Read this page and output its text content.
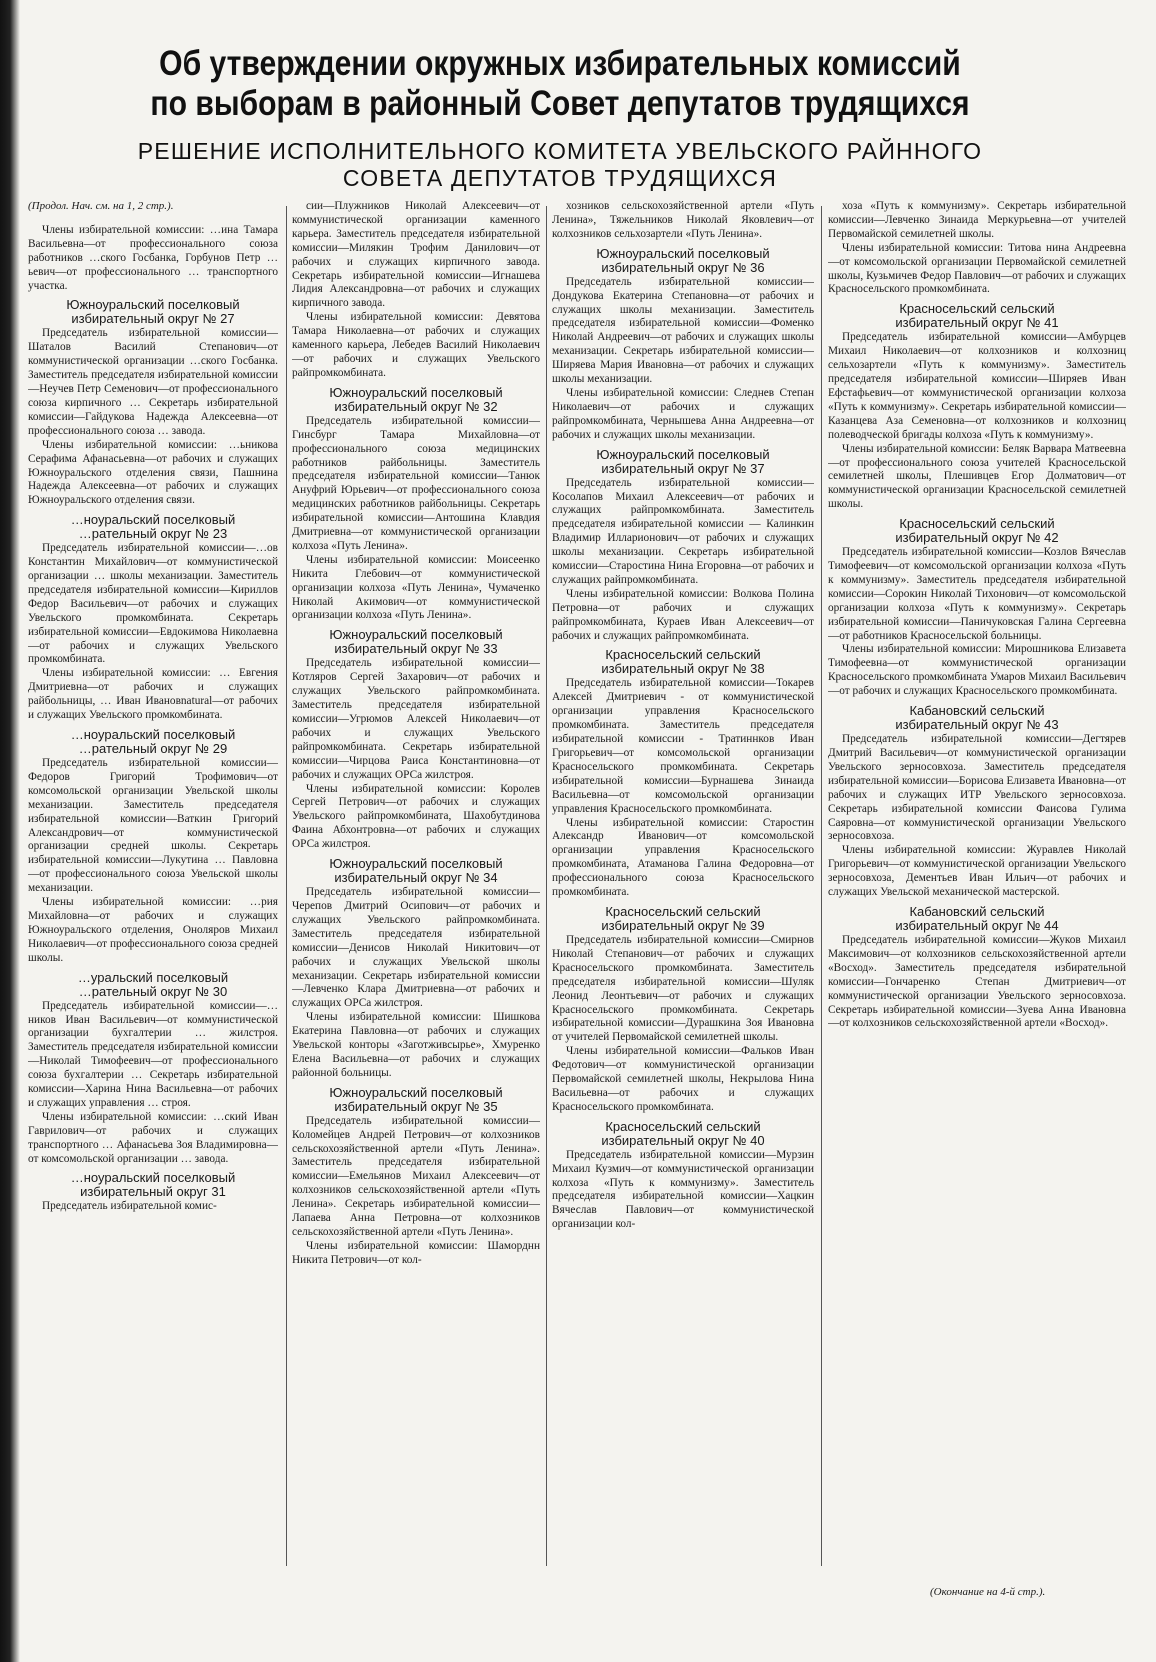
Об утверждении окружных избирательных комиссий
по выборам в районный Совет депутатов трудящихся
РЕШЕНИЕ ИСПОЛНИТЕЛЬНОГО КОМИТЕТА УВЕЛЬСКОГО РАЙННОГО
СОВЕТА ДЕПУТАТОВ ТРУДЯЩИХСЯ

(Продол. Нач. см. на 1, 2 стр.).

Члены избирательной комиссии: …ина Тамара Васильевна—от профессионального союза работников …ского Госбанка, Горбунов Петр …ьевич—от профессионального … транспортного участка.

Южноуральский поселковый
избирательный округ № 27

Председатель избирательной комиссии—Шаталов Василий Степанович—от коммунистической организации …ского Госбанка. Заместитель председателя избирательной комиссии—Неучев Петр Семенович—от профессионального союза кирпичного … Секретарь избирательной комиссии—Гайдукова Надежда Алексеевна—от профессионального союза … завода.

Члены избирательной комиссии: …ьникова Серафима Афанасьевна—от рабочих и служащих Южноуральского отделения связи, Пашнина Надежда Алексеевна—от рабочих и служащих Южноуральского отделения связи.

…ноуральский поселковый
…рательный округ № 23

Председатель избирательной комиссии—…ов Константин Михайлович—от коммунистической организации … школы механизации. Заместитель председателя избирательной комиссии—Кириллов Федор Васильевич—от рабочих и служащих Увельского промкомбината. Секретарь избирательной комиссии—Евдокимова Николаевна—от рабочих и служащих Увельского промкомбината.

Члены избирательной комиссии: … Евгения Дмитриевна—от рабочих и служащих райбольницы, … Иван Ивановnatural—от рабочих и служащих Увельского промкомбината.

…ноуральский поселковый
…рательный округ № 29

Председатель избирательной комиссии—Федоров Григорий Трофимович—от комсомольской организации Увельской школы механизации. Заместитель председателя избирательной комиссии—Ваткин Григорий Александрович—от коммунистической организации средней школы. Секретарь избирательной комиссии—Лукутина … Павловна—от профессионального союза Увельской школы механизации.

Члены избирательной комиссии: …рия Михайловна—от рабочих и служащих Южноуральского отделения, Оноляров Михаил Николаевич—от профессионального союза средней школы.

…уральский поселковый
…рательный округ № 30

Председатель избирательной комиссии—…ников Иван Васильевич—от коммунистической организации бухгалтерии … жилстроя. Заместитель председателя избирательной комиссии—Николай Тимофеевич—от профессионального союза бухгалтерии … Секретарь избирательной комиссии—Харина Нина Васильевна—от рабочих и служащих управления … строя.

Члены избирательной комиссии: …ский Иван Гаврилович—от рабочих и служащих транспортного … Афанасьева Зоя Владимировна—от комсомольской организации … завода.

…ноуральский поселковый
избирательный округ 31

Председатель избирательной комис-

сии—Плужников Николай Алексеевич—от коммунистической организации каменного карьера. Заместитель председателя избирательной комиссии—Милякин Трофим Данилович—от рабочих и служащих кирпичного завода. Секретарь избирательной комиссии—Игнашева Лидия Александровна—от рабочих и служащих кирпичного завода.

Члены избирательной комиссии: Девятова Тамара Николаевна—от рабочих и служащих каменного карьера, Лебедев Василий Николаевич—от рабочих и служащих Увельского райпромкомбината.

Южноуральский поселковый
избирательный округ № 32

Председатель избирательной комиссии—Гинсбург Тамара Михайловна—от профессионального союза медицинских работников райбольницы. Заместитель председателя избирательной комиссии—Танюк Ануфрий Юрьевич—от профессионального союза медицинских работников райбольницы. Секретарь избирательной комиссии—Антошина Клавдия Дмитриевна—от коммунистической организации колхоза «Путь Ленина».

Члены избирательной комиссии: Моисеенко Никита Глебович—от коммунистической организации колхоза «Путь Ленина», Чумаченко Николай Акимович—от коммунистической организации колхоза «Путь Ленина».

Южноуральский поселковый
избирательный округ № 33

Председатель избирательной комиссии—Котляров Сергей Захарович—от рабочих и служащих Увельского райпромкомбината. Заместитель председателя избирательной комиссии—Угрюмов Алексей Николаевич—от рабочих и служащих Увельского райпромкомбината. Секретарь избирательной комиссии—Чирцова Раиса Константиновна—от рабочих и служащих ОРСа жилстроя.

Члены избирательной комиссии: Королев Сергей Петрович—от рабочих и служащих Увельского райпромкомбината, Шахобутдинова Фаина Абхонтровна—от рабочих и служащих ОРСа жилстроя.

Южноуральский поселковый
избирательный округ № 34

Председатель избирательной комиссии—Черепов Дмитрий Осипович—от рабочих и служащих Увельского райпромкомбината. Заместитель председателя избирательной комиссии—Денисов Николай Никитович—от рабочих и служащих Увельской школы механизации. Секретарь избирательной комиссии—Левченко Клара Дмитриевна—от рабочих и служащих ОРСа жилстроя.

Члены избирательной комиссии: Шишкова Екатерина Павловна—от рабочих и служащих Увельской конторы «Заготживсырье», Хмуренко Елена Васильевна—от рабочих и служащих районной больницы.

Южноуральский поселковый
избирательный округ № 35

Председатель избирательной комиссии—Коломейцев Андрей Петрович—от колхозников сельскохозяйственной артели «Путь Ленина». Заместитель председателя избирательной комиссии—Емельянов Михаил Алексеевич—от колхозников сельскохозяйственной артели «Путь Ленина». Секретарь избирательной комиссии—Лапаева Анна Петровна—от колхозников сельскохозяйственной артели «Путь Ленина».

Члены избирательной комиссии: Шаморднн Никита Петрович—от кол-

хозников сельскохозяйственной артели «Путь Ленина», Тяжельников Николай Яковлевич—от колхозников сельхозартели «Путь Ленина».

Южноуральский поселковый
избирательный округ № 36

Председатель избирательной комиссии—Дондукова Екатерина Степановна—от рабочих и служащих школы механизации. Заместитель председателя избирательной комиссии—Фоменко Николай Андреевич—от рабочих и служащих школы механизации. Секретарь избирательной комиссии—Ширяева Мария Ивановна—от рабочих и служащих школы механизации.

Члены избирательной комиссии: Следнев Степан Николаевич—от рабочих и служащих райпромкомбината, Чернышева Анна Андреевна—от рабочих и служащих школы механизации.

Южноуральский поселковый
избирательный округ № 37

Председатель избирательной комиссии—Косолапов Михаил Алексеевич—от рабочих и служащих райпромкомбината. Заместитель председателя избирательной комиссии — Калинкин Владимир Илларионович—от рабочих и служащих школы механизации. Секретарь избирательной комиссии—Старостина Нина Егоровна—от рабочих и служащих райпромкомбината.

Члены избирательной комиссии: Волкова Полина Петровна—от рабочих и служащих райпромкомбината, Кураев Иван Алексеевич—от рабочих и служащих райпромкомбината.

Красносельский сельский
избирательный округ № 38

Председатель избирательной комиссии—Токарев Алексей Дмитриевич - от коммунистической организации управления Красносельского промкомбината. Заместитель председателя избирательной комиссии - Тратиннков Иван Григорьевич—от комсомольской организации Красносельского промкомбината. Секретарь избирательной комиссии—Бурнашева Зинаида Васильевна—от комсомольской организации управления Красносельского промкомбината.

Члены избирательной комиссии: Старостин Александр Иванович—от комсомольской организации управления Красносельского промкомбината, Атаманова Галина Федоровна—от профессионального союза Красносельского промкомбината.

Красносельский сельский
избирательный округ № 39

Председатель избирательной комиссии—Смирнов Николай Степанович—от рабочих и служащих Красносельского промкомбината. Заместитель председателя избирательной комиссии—Шуляк Леонид Леонтьевич—от рабочих и служащих Красносельского промкомбината. Секретарь избирательной комиссии—Дурашкина Зоя Ивановна от учителей Первомайской семилетней школы.

Члены избирательной комиссии—Фальков Иван Федотович—от коммунистической организации Первомайской семилетней школы, Некрылова Нина Васильевна—от рабочих и служащих Красносельского промкомбината.

Красносельский сельский
избирательный округ № 40

Председатель избирательной комиссии—Мурзин Михаил Кузмич—от коммунистической организации колхоза «Путь к коммунизму». Заместитель председателя избирательной комиссии—Хацкин Вячеслав Павлович—от коммунистической организации кол-

хоза «Путь к коммунизму». Секретарь избирательной комиссии—Левченко Зинаида Меркурьевна—от учителей Первомайской семилетней школы.

Члены избирательной комиссии: Титова нина Андреевна—от комсомольской организации Первомайской семилетней школы, Кузьмичев Федор Павлович—от рабочих и служащих Красносельского промкомбината.

Красносельский сельский
избирательный округ № 41

Председатель избирательной комиссии—Амбурцев Михаил Николаевич—от колхозников и колхозниц сельхозартели «Путь к коммунизму». Заместитель председателя избирательной комиссии—Ширяев Иван Ефстафьевич—от коммунистической организации колхоза «Путь к коммунизму». Секретарь избирательной комиссии—Казанцева Аза Семеновна—от колхозников и колхозниц полеводческой бригады колхоза «Путь к коммунизму».

Члены избирательной комиссии: Беляк Варвара Матвеевна—от профессионального союза учителей Красносельской семилетней школы, Плешивцев Егор Долматович—от коммунистической организации Красносельской семилетней школы.

Красносельский сельский
избирательный округ № 42

Председатель избирательной комиссии—Козлов Вячеслав Тимофеевич—от комсомольской организации колхоза «Путь к коммунизму». Заместитель председателя избирательной комиссии—Сорокин Николай Тихонович—от комсомольской организации колхоза «Путь к коммунизму». Секретарь избирательной комиссии—Паничуковская Галина Сергеевна—от работников Красносельской больницы.

Члены избирательной комиссии: Мирошникова Елизавета Тимофеевна—от коммунистической организации Красносельского промкомбината Умаров Михаил Васильевич—от рабочих и служащих Красносельского промкомбината.

Кабановский сельский
избирательный округ № 43

Председатель избирательной комиссии—Дегтярев Дмитрий Васильевич—от коммунистической организации Увельского зерносовхоза. Заместитель председателя избирательной комиссии—Борисова Елизавета Ивановна—от рабочих и служащих ИТР Увельского зерносовхоза. Секретарь избирательной комиссии Фаисова Гулима Саяровна—от коммунистической организации Увельского зерносовхоза.

Члены избирательной комиссии: Журавлев Николай Григорьевич—от коммунистической организации Увельского зерносовхоза, Дементьев Иван Ильич—от рабочих и служащих Увельской механической мастерской.

Кабановский сельский
избирательный округ № 44

Председатель избирательной комиссии—Жуков Михаил Максимович—от колхозников сельскохозяйственной артели «Восход». Заместитель председателя избирательной комиссии—Гончаренко Степан Дмитриевич—от коммунистической организации Увельского зерносовхоза. Секретарь избирательной комиссии—Зуева Анна Ивановна—от колхозников сельскохозяйственной артели «Восход».

(Окончание на 4-й стр.).
